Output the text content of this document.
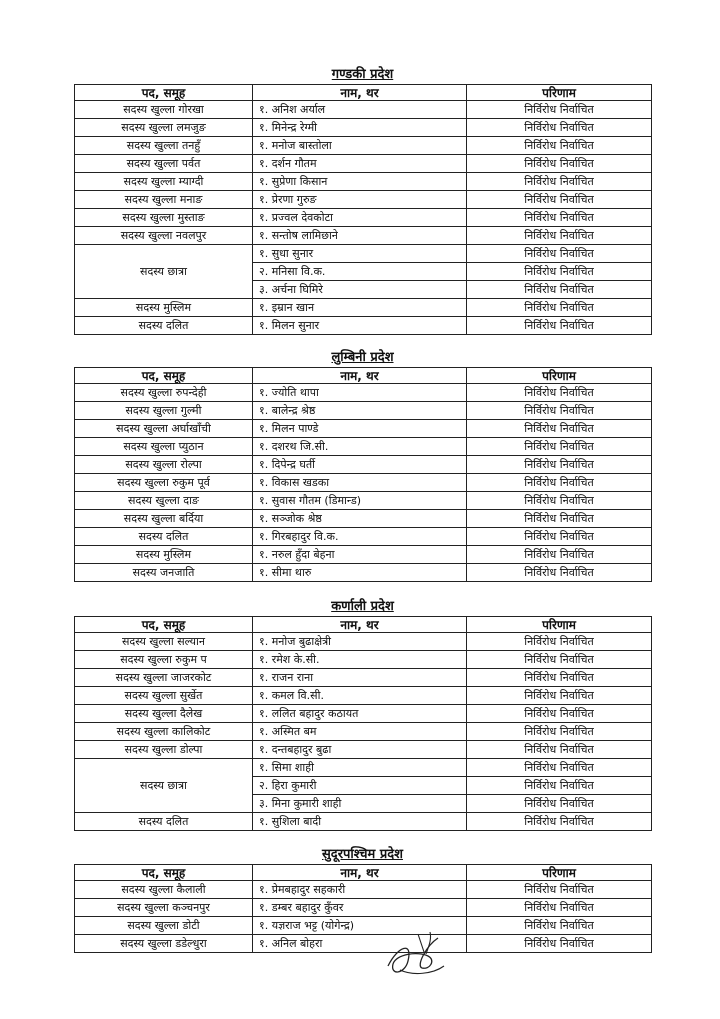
गण्डकी प्रदेश
पद, समूह	नाम, थर	परिणाम
सदस्य खुल्ला गोरखा	१. अनिश अर्याल	निर्विरोध निर्वाचित
सदस्य खुल्ला लमजुङ	१. मिनेन्द्र रेग्मी	निर्विरोध निर्वाचित
सदस्य खुल्ला तनहुँ	१. मनोज बास्तोला	निर्विरोध निर्वाचित
सदस्य खुल्ला पर्वत	१. दर्शन गौतम	निर्विरोध निर्वाचित
सदस्य खुल्ला म्याग्दी	१. सुप्रेणा किसान	निर्विरोध निर्वाचित
सदस्य खुल्ला मनाङ	१. प्रेरणा गुरुङ	निर्विरोध निर्वाचित
सदस्य खुल्ला मुस्ताङ	१. प्रज्वल देवकोटा	निर्विरोध निर्वाचित
सदस्य खुल्ला नवलपुर	१. सन्तोष लामिछाने	निर्विरोध निर्वाचित
सदस्य छात्रा	१. सुधा सुनार	निर्विरोध निर्वाचित
	२. मनिसा वि.क.	निर्विरोध निर्वाचित
	३. अर्चना घिमिरे	निर्विरोध निर्वाचित
सदस्य मुस्लिम	१. इम्रान खान	निर्विरोध निर्वाचित
सदस्य दलित	१. मिलन सुनार	निर्विरोध निर्वाचित
लुम्बिनी प्रदेश
पद, समूह	नाम, थर	परिणाम
सदस्य खुल्ला रुपन्देही	१. ज्योति थापा	निर्विरोध निर्वाचित
सदस्य खुल्ला गुल्मी	१. बालेन्द्र श्रेष्ठ	निर्विरोध निर्वाचित
सदस्य खुल्ला अर्घाखाँची	१. मिलन पाण्डे	निर्विरोध निर्वाचित
सदस्य खुल्ला प्युठान	१. दशरथ जि.सी.	निर्विरोध निर्वाचित
सदस्य खुल्ला रोल्पा	१. दिपेन्द्र घर्ती	निर्विरोध निर्वाचित
सदस्य खुल्ला रुकुम पूर्व	१. विकास खडका	निर्विरोध निर्वाचित
सदस्य खुल्ला दाङ	१. सुवास गौतम (डिमान्ड)	निर्विरोध निर्वाचित
सदस्य खुल्ला बर्दिया	१. सञ्जोक श्रेष्ठ	निर्विरोध निर्वाचित
सदस्य दलित	१. गिरबहादुर वि.क.	निर्विरोध निर्वाचित
सदस्य मुस्लिम	१. नरुल हुँदा बेहना	निर्विरोध निर्वाचित
सदस्य जनजाति	१. सीमा थारु	निर्विरोध निर्वाचित
कर्णाली प्रदेश
पद, समूह	नाम, थर	परिणाम
सदस्य खुल्ला सल्यान	१. मनोज बुढाक्षेत्री	निर्विरोध निर्वाचित
सदस्य खुल्ला रुकुम प	१. रमेश के.सी.	निर्विरोध निर्वाचित
सदस्य खुल्ला जाजरकोट	१. राजन राना	निर्विरोध निर्वाचित
सदस्य खुल्ला सुर्खेत	१. कमल वि.सी.	निर्विरोध निर्वाचित
सदस्य खुल्ला दैलेख	१. ललित बहादुर कठायत	निर्विरोध निर्वाचित
सदस्य खुल्ला कालिकोट	१. अस्मित बम	निर्विरोध निर्वाचित
सदस्य खुल्ला डोल्पा	१. दन्तबहादुर बुढा	निर्विरोध निर्वाचित
सदस्य छात्रा	१. सिमा शाही	निर्विरोध निर्वाचित
	२. हिरा कुमारी	निर्विरोध निर्वाचित
	३. मिना कुमारी शाही	निर्विरोध निर्वाचित
सदस्य दलित	१. सुशिला बादी	निर्विरोध निर्वाचित
सुदूरपश्चिम प्रदेश
पद, समूह	नाम, थर	परिणाम
सदस्य खुल्ला कैलाली	१. प्रेमबहादुर सहकारी	निर्विरोध निर्वाचित
सदस्य खुल्ला कञ्चनपुर	१. डम्बर बहादुर कुँवर	निर्विरोध निर्वाचित
सदस्य खुल्ला डोटी	१. यज्ञराज भट्ट (योगेन्द्र)	निर्विरोध निर्वाचित
सदस्य खुल्ला डडेल्धुरा	१. अनिल बोहरा	निर्विरोध निर्वाचित
